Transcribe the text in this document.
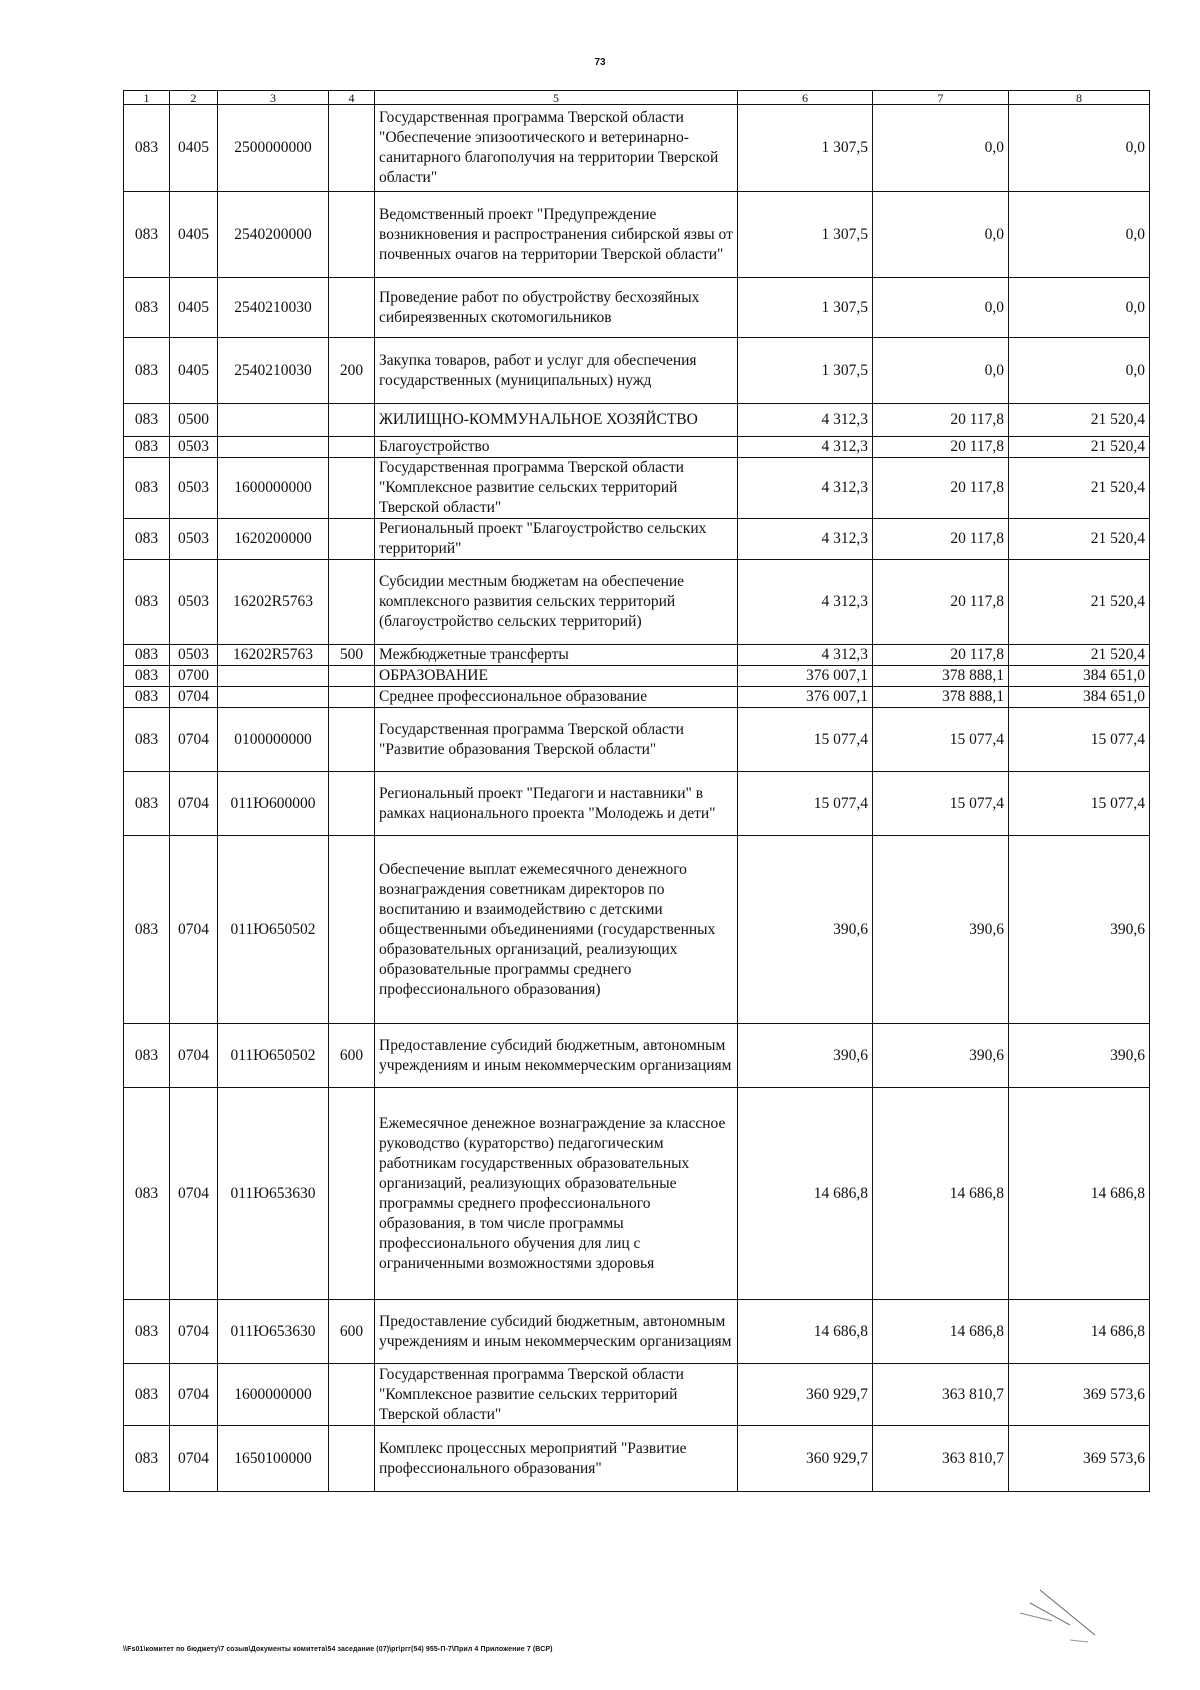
73
1	2	3	4	5	6	7	8
083	0405	2500000000		Государственная программа Тверской области "Обеспечение эпизоотического и ветеринарно-санитарного благополучия на территории Тверской области"	1 307,5	0,0	0,0
083	0405	2540200000		Ведомственный проект "Предупреждение возникновения и распространения сибирской язвы от почвенных очагов на территории Тверской области"	1 307,5	0,0	0,0
083	0405	2540210030		Проведение работ по обустройству бесхозяйных сибиреязвенных скотомогильников	1 307,5	0,0	0,0
083	0405	2540210030	200	Закупка товаров, работ и услуг для обеспечения государственных (муниципальных) нужд	1 307,5	0,0	0,0
083	0500			ЖИЛИЩНО-КОММУНАЛЬНОЕ ХОЗЯЙСТВО	4 312,3	20 117,8	21 520,4
083	0503			Благоустройство	4 312,3	20 117,8	21 520,4
083	0503	1600000000		Государственная программа Тверской области "Комплексное развитие сельских территорий Тверской области"	4 312,3	20 117,8	21 520,4
083	0503	1620200000		Региональный проект "Благоустройство сельских территорий"	4 312,3	20 117,8	21 520,4
083	0503	16202R5763		Субсидии местным бюджетам на обеспечение комплексного развития сельских территорий (благоустройство сельских территорий)	4 312,3	20 117,8	21 520,4
083	0503	16202R5763	500	Межбюджетные трансферты	4 312,3	20 117,8	21 520,4
083	0700			ОБРАЗОВАНИЕ	376 007,1	378 888,1	384 651,0
083	0704			Среднее профессиональное образование	376 007,1	378 888,1	384 651,0
083	0704	0100000000		Государственная программа Тверской области "Развитие образования Тверской области"	15 077,4	15 077,4	15 077,4
083	0704	011Ю600000		Региональный проект "Педагоги и наставники" в рамках национального проекта "Молодежь и дети"	15 077,4	15 077,4	15 077,4
083	0704	011Ю650502		Обеспечение выплат ежемесячного денежного вознаграждения советникам директоров по воспитанию и взаимодействию с детскими общественными объединениями (государственных образовательных организаций, реализующих образовательные программы среднего профессионального образования)	390,6	390,6	390,6
083	0704	011Ю650502	600	Предоставление субсидий бюджетным, автономным учреждениям и иным некоммерческим организациям	390,6	390,6	390,6
083	0704	011Ю653630		Ежемесячное денежное вознаграждение за классное руководство (кураторство) педагогическим работникам государственных образовательных организаций, реализующих образовательные программы среднего профессионального образования, в том числе программы профессионального обучения для лиц с ограниченными возможностями здоровья	14 686,8	14 686,8	14 686,8
083	0704	011Ю653630	600	Предоставление субсидий бюджетным, автономным учреждениям и иным некоммерческим организациям	14 686,8	14 686,8	14 686,8
083	0704	1600000000		Государственная программа Тверской области "Комплексное развитие сельских территорий Тверской области"	360 929,7	363 810,7	369 573,6
083	0704	1650100000		Комплекс процессных мероприятий "Развитие профессионального образования"	360 929,7	363 810,7	369 573,6
\\Fs01\комитет по бюджету\7 созыв\Документы комитета\54 заседание (07)\рг\ргг(54) 955-П-7\Прил 4 Приложение 7 (ВСР)
